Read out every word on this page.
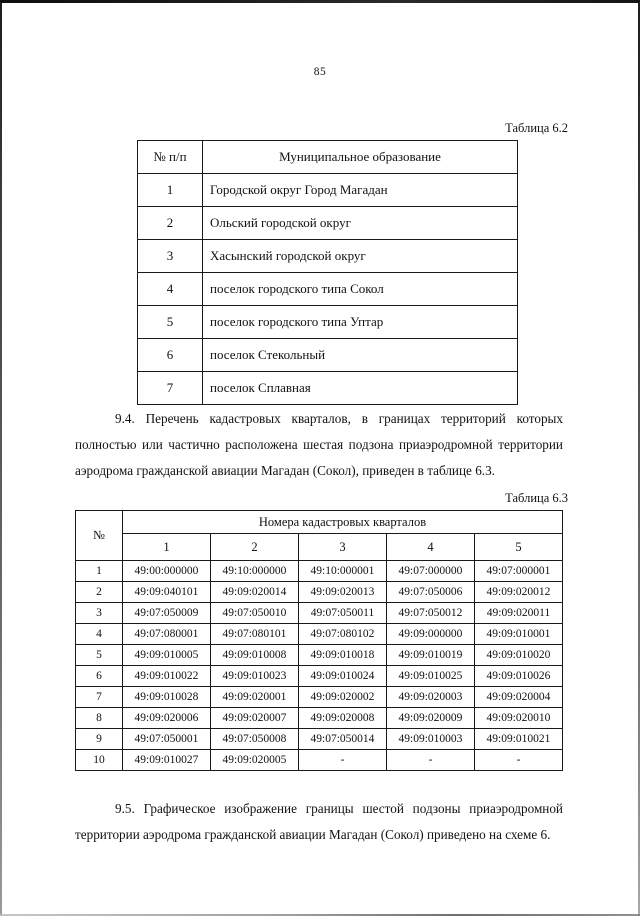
85
Таблица 6.2
№ п/п	Муниципальное образование
1	Городской округ Город Магадан
2	Ольский городской округ
3	Хасынский городской округ
4	поселок городского типа Сокол
5	поселок городского типа Уптар
6	поселок Стекольный
7	поселок Сплавная

9.4. Перечень кадастровых кварталов, в границах территорий которых полностью или частично расположена шестая подзона приаэродромной территории аэродрома гражданской авиации Магадан (Сокол), приведен в таблице 6.3.

Таблица 6.3
№	Номера кадастровых кварталов				
	1	2	3	4	5
1	49:00:000000	49:10:000000	49:10:000001	49:07:000000	49:07:000001
2	49:09:040101	49:09:020014	49:09:020013	49:07:050006	49:09:020012
3	49:07:050009	49:07:050010	49:07:050011	49:07:050012	49:09:020011
4	49:07:080001	49:07:080101	49:07:080102	49:09:000000	49:09:010001
5	49:09:010005	49:09:010008	49:09:010018	49:09:010019	49:09:010020
6	49:09:010022	49:09:010023	49:09:010024	49:09:010025	49:09:010026
7	49:09:010028	49:09:020001	49:09:020002	49:09:020003	49:09:020004
8	49:09:020006	49:09:020007	49:09:020008	49:09:020009	49:09:020010
9	49:07:050001	49:07:050008	49:07:050014	49:09:010003	49:09:010021
10	49:09:010027	49:09:020005	-	-	-

9.5. Графическое изображение границы шестой подзоны приаэродромной территории аэродрома гражданской авиации Магадан (Сокол) приведено на схеме 6.
